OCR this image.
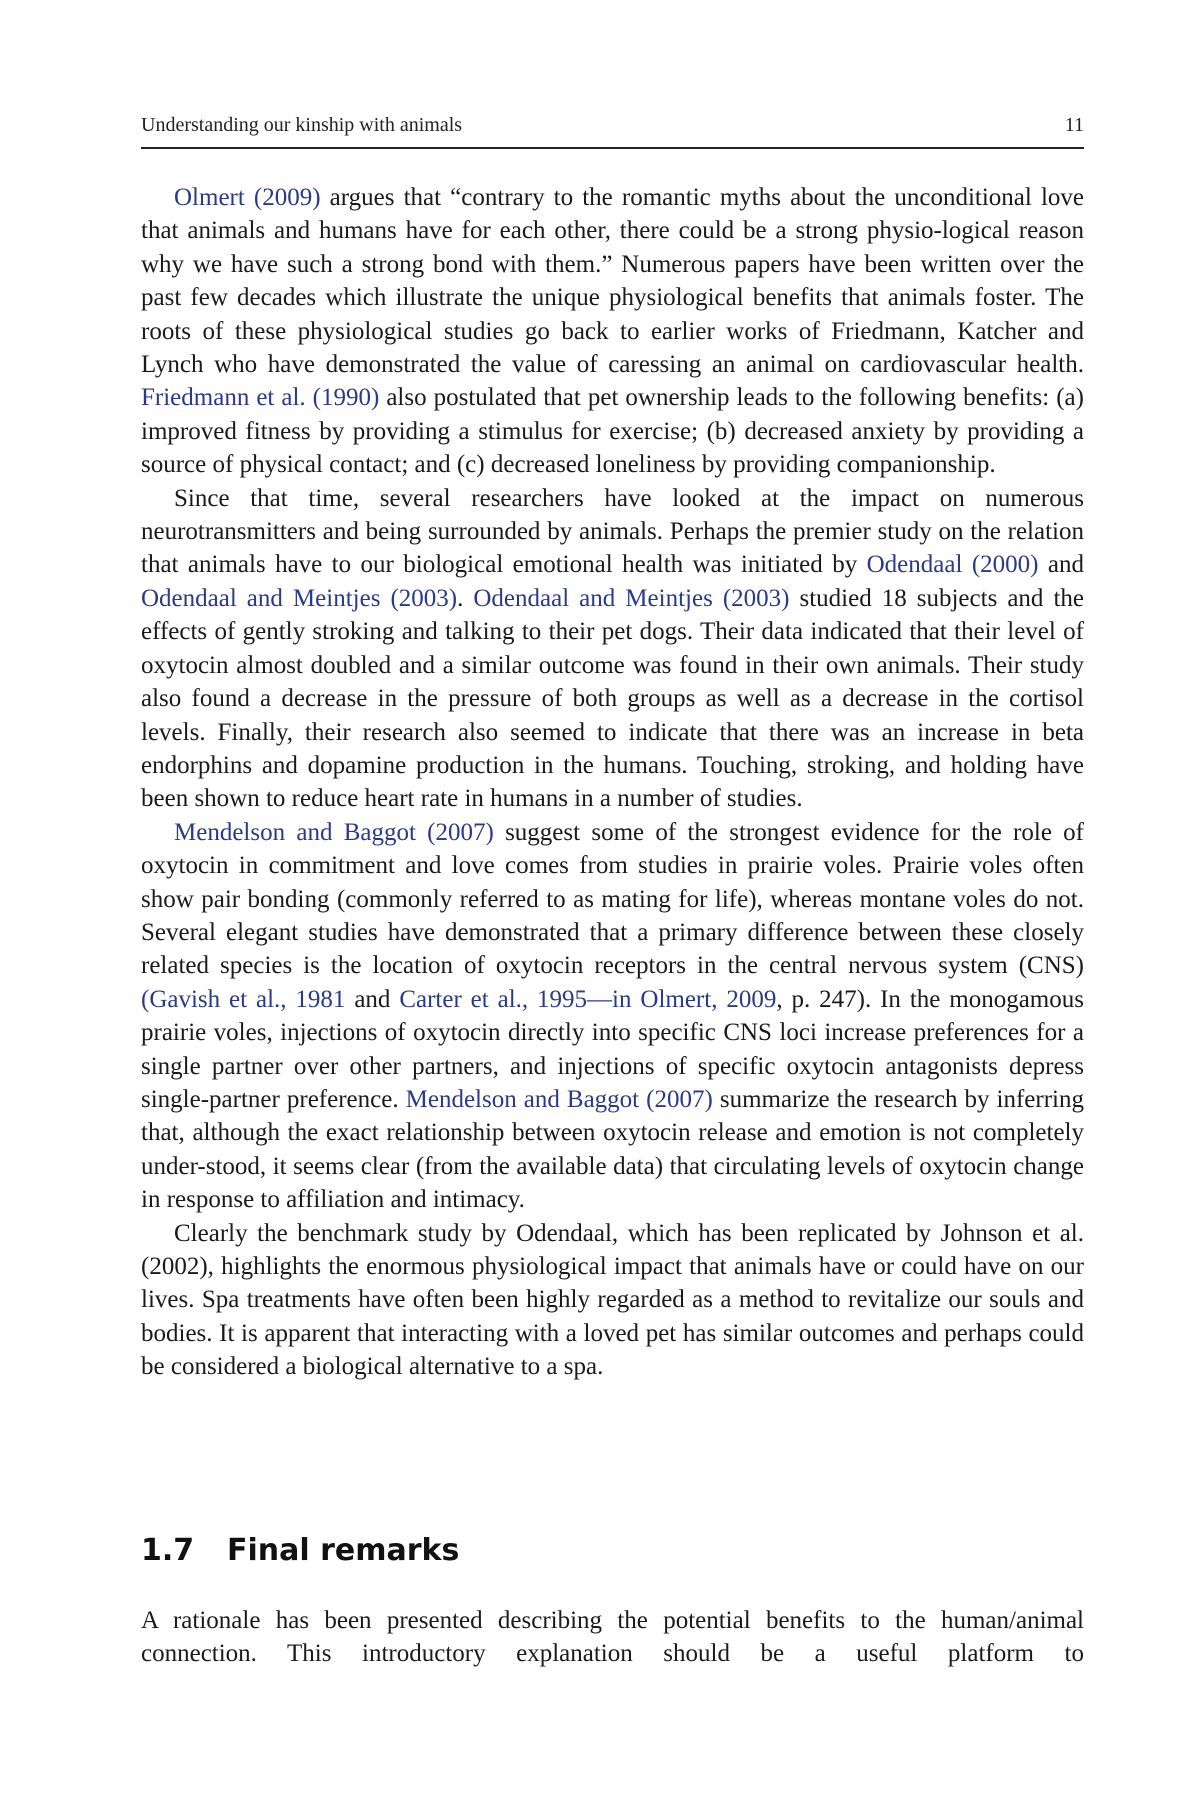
Understanding our kinship with animals	11

Olmert (2009) argues that “contrary to the romantic myths about the unconditional love that animals and humans have for each other, there could be a strong physio-logical reason why we have such a strong bond with them.” Numerous papers have been written over the past few decades which illustrate the unique physiological benefits that animals foster. The roots of these physiological studies go back to earlier works of Friedmann, Katcher and Lynch who have demonstrated the value of caressing an animal on cardiovascular health. Friedmann et al. (1990) also postulated that pet ownership leads to the following benefits: (a) improved fitness by providing a stimulus for exercise; (b) decreased anxiety by providing a source of physical contact; and (c) decreased loneliness by providing companionship.

Since that time, several researchers have looked at the impact on numerous neurotransmitters and being surrounded by animals. Perhaps the premier study on the relation that animals have to our biological emotional health was initiated by Odendaal (2000) and Odendaal and Meintjes (2003). Odendaal and Meintjes (2003) studied 18 subjects and the effects of gently stroking and talking to their pet dogs. Their data indicated that their level of oxytocin almost doubled and a similar outcome was found in their own animals. Their study also found a decrease in the pressure of both groups as well as a decrease in the cortisol levels. Finally, their research also seemed to indicate that there was an increase in beta endorphins and dopamine production in the humans. Touching, stroking, and holding have been shown to reduce heart rate in humans in a number of studies.

Mendelson and Baggot (2007) suggest some of the strongest evidence for the role of oxytocin in commitment and love comes from studies in prairie voles. Prairie voles often show pair bonding (commonly referred to as mating for life), whereas montane voles do not. Several elegant studies have demonstrated that a primary difference between these closely related species is the location of oxytocin receptors in the central nervous system (CNS) (Gavish et al., 1981 and Carter et al., 1995—in Olmert, 2009, p. 247). In the monogamous prairie voles, injections of oxytocin directly into specific CNS loci increase preferences for a single partner over other partners, and injections of specific oxytocin antagonists depress single-partner preference. Mendelson and Baggot (2007) summarize the research by inferring that, although the exact relationship between oxytocin release and emotion is not completely under-stood, it seems clear (from the available data) that circulating levels of oxytocin change in response to affiliation and intimacy.

Clearly the benchmark study by Odendaal, which has been replicated by Johnson et al. (2002), highlights the enormous physiological impact that animals have or could have on our lives. Spa treatments have often been highly regarded as a method to revitalize our souls and bodies. It is apparent that interacting with a loved pet has similar outcomes and perhaps could be considered a biological alternative to a spa.

1.7	Final remarks

A rationale has been presented describing the potential benefits to the human/animal connection. This introductory explanation should be a useful platform to
